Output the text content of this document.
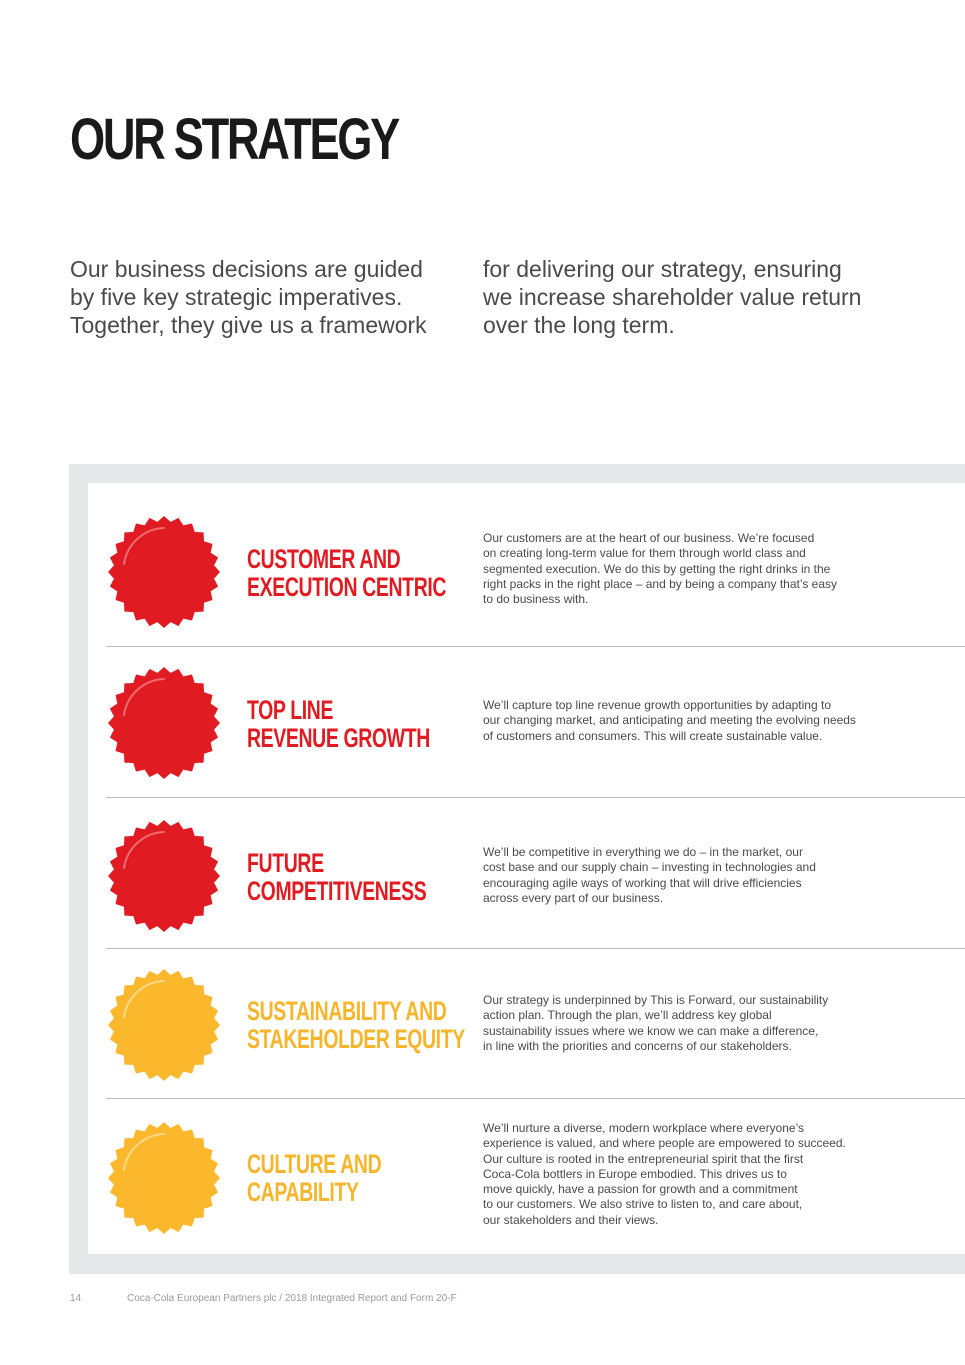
OUR STRATEGY

Our business decisions are guided
by five key strategic imperatives.
Together, they give us a framework

for delivering our strategy, ensuring
we increase shareholder value return
over the long term.

CUSTOMER AND
EXECUTION CENTRIC

Our customers are at the heart of our business. We’re focused
on creating long-term value for them through world class and
segmented execution. We do this by getting the right drinks in the
right packs in the right place – and by being a company that’s easy
to do business with.

TOP LINE
REVENUE GROWTH

We’ll capture top line revenue growth opportunities by adapting to
our changing market, and anticipating and meeting the evolving needs
of customers and consumers. This will create sustainable value.

FUTURE
COMPETITIVENESS

We’ll be competitive in everything we do – in the market, our
cost base and our supply chain – investing in technologies and
encouraging agile ways of working that will drive efficiencies
across every part of our business.

SUSTAINABILITY AND
STAKEHOLDER EQUITY

Our strategy is underpinned by This is Forward, our sustainability
action plan. Through the plan, we’ll address key global
sustainability issues where we know we can make a difference,
in line with the priorities and concerns of our stakeholders.

CULTURE AND
CAPABILITY

We’ll nurture a diverse, modern workplace where everyone’s
experience is valued, and where people are empowered to succeed.
Our culture is rooted in the entrepreneurial spirit that the first
Coca-Cola bottlers in Europe embodied. This drives us to
move quickly, have a passion for growth and a commitment
to our customers. We also strive to listen to, and care about,
our stakeholders and their views.

14	Coca-Cola European Partners plc / 2018 Integrated Report and Form 20-F
